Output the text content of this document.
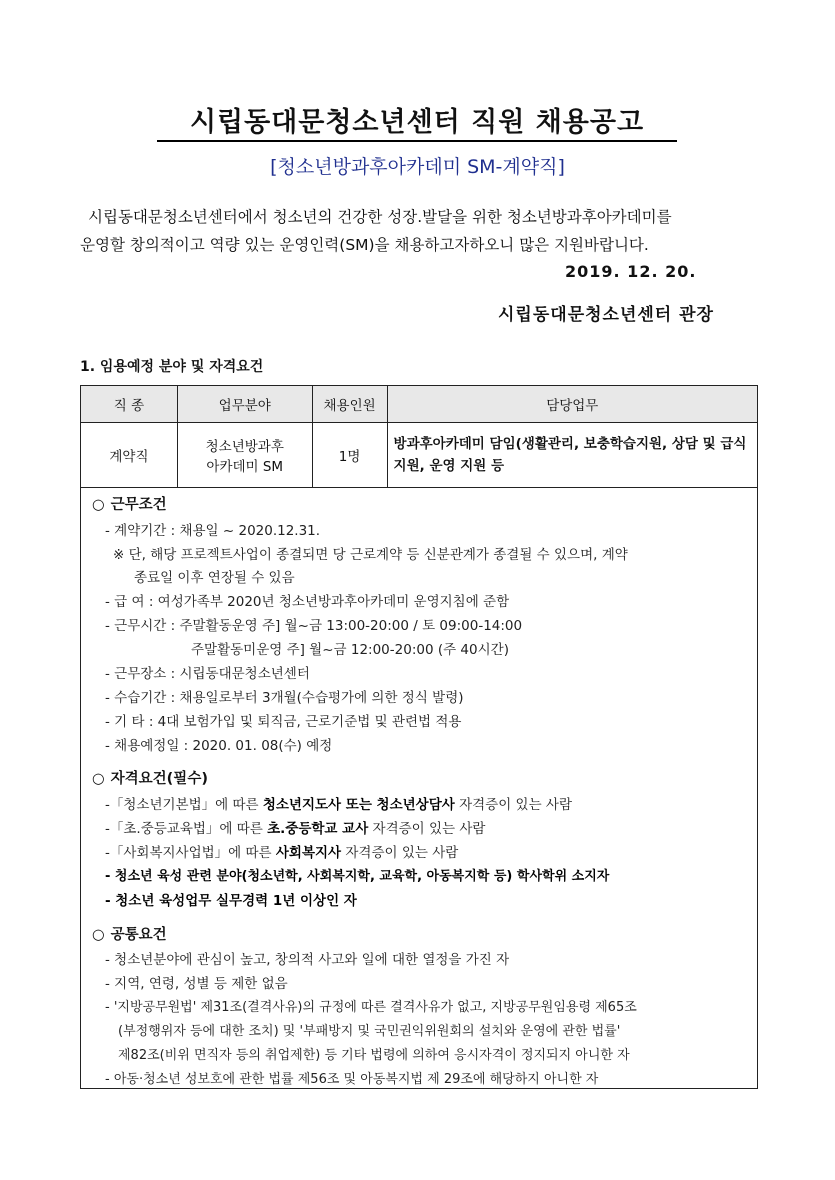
시립동대문청소년센터 직원 채용공고
[청소년방과후아카데미 SM-계약직]
시립동대문청소년센터에서 청소년의 건강한 성장.발달을 위한 청소년방과후아카데미를
운영할 창의적이고 역량 있는 운영인력(SM)을 채용하고자하오니 많은 지원바랍니다.
2019. 12. 20.
시립동대문청소년센터 관장
1. 임용예정 분야 및 자격요건
직 종	업무분야	채용인원	담당업무
계약직	청소년방과후
아카데미 SM	1명	방과후아카데미 담임(생활관리, 보충학습지원, 상담 및 급식 지원, 운영 지원 등
○ 근무조건
- 계약기간 : 채용일 ~ 2020.12.31.
※ 단, 해당 프로젝트사업이 종결되면 당 근로계약 등 신분관계가 종결될 수 있으며, 계약
종료일 이후 연장될 수 있음
- 급 여 : 여성가족부 2020년 청소년방과후아카데미 운영지침에 준함
- 근무시간 : 주말활동운영 주] 월~금 13:00-20:00 / 토 09:00-14:00
주말활동미운영 주] 월~금 12:00-20:00 (주 40시간)
- 근무장소 : 시립동대문청소년센터
- 수습기간 : 채용일로부터 3개월(수습평가에 의한 정식 발령)
- 기 타 : 4대 보험가입 및 퇴직금, 근로기준법 및 관련법 적용
- 채용예정일 : 2020. 01. 08(수) 예정
○ 자격요건(필수)
-「청소년기본법」에 따른 청소년지도사 또는 청소년상담사 자격증이 있는 사람
-「초.중등교육법」에 따른 초.중등학교 교사 자격증이 있는 사람
-「사회복지사업법」에 따른 사회복지사 자격증이 있는 사람
- 청소년 육성 관련 분야(청소년학, 사회복지학, 교육학, 아동복지학 등) 학사학위 소지자
- 청소년 육성업무 실무경력 1년 이상인 자
○ 공통요건
- 청소년분야에 관심이 높고, 창의적 사고와 일에 대한 열정을 가진 자
- 지역, 연령, 성별 등 제한 없음
- '지방공무원법' 제31조(결격사유)의 규정에 따른 결격사유가 없고, 지방공무원임용령 제65조
(부정행위자 등에 대한 조치) 및 '부패방지 및 국민권익위원회의 설치와 운영에 관한 법률'
제82조(비위 면직자 등의 취업제한) 등 기타 법령에 의하여 응시자격이 정지되지 아니한 자
- 아동·청소년 성보호에 관한 법률 제56조 및 아동복지법 제 29조에 해당하지 아니한 자
